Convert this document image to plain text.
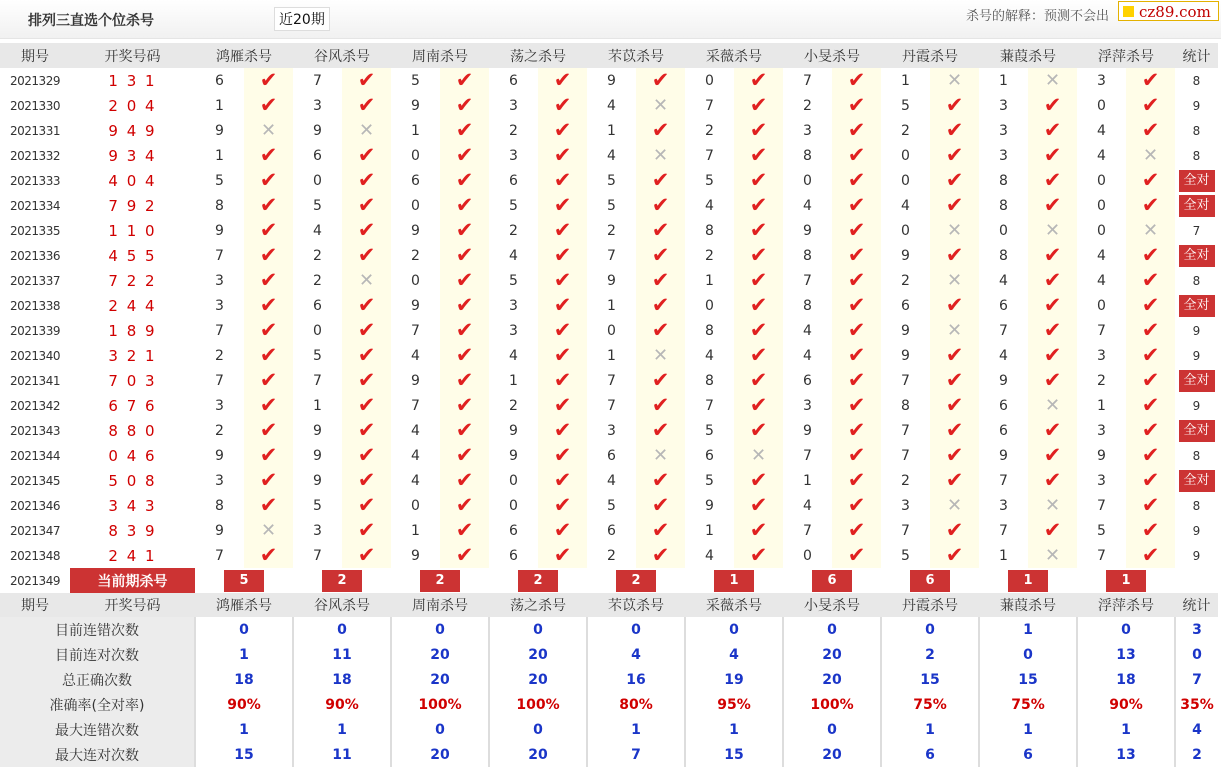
排列三直选个位杀号	近20期	杀号的解释：预测不会出	cz89.com
期号	开奖号码	鸿雁杀号		谷风杀号		周南杀号		荡之杀号		芣苡杀号		采薇杀号		小旻杀号		丹霞杀号		蒹葭杀号		浮萍杀号		统计
2021329	1 3 1	6	✔	7	✔	5	✔	6	✔	9	✔	0	✔	7	✔	1	✕	1	✕	3	✔	8
2021330	2 0 4	1	✔	3	✔	9	✔	3	✔	4	✕	7	✔	2	✔	5	✔	3	✔	0	✔	9
2021331	9 4 9	9	✕	9	✕	1	✔	2	✔	1	✔	2	✔	3	✔	2	✔	3	✔	4	✔	8
2021332	9 3 4	1	✔	6	✔	0	✔	3	✔	4	✕	7	✔	8	✔	0	✔	3	✔	4	✕	8
2021333	4 0 4	5	✔	0	✔	6	✔	6	✔	5	✔	5	✔	0	✔	0	✔	8	✔	0	✔	全对
2021334	7 9 2	8	✔	5	✔	0	✔	5	✔	5	✔	4	✔	4	✔	4	✔	8	✔	0	✔	全对
2021335	1 1 0	9	✔	4	✔	9	✔	2	✔	2	✔	8	✔	9	✔	0	✕	0	✕	0	✕	7
2021336	4 5 5	7	✔	2	✔	2	✔	4	✔	7	✔	2	✔	8	✔	9	✔	8	✔	4	✔	全对
2021337	7 2 2	3	✔	2	✕	0	✔	5	✔	9	✔	1	✔	7	✔	2	✕	4	✔	4	✔	8
2021338	2 4 4	3	✔	6	✔	9	✔	3	✔	1	✔	0	✔	8	✔	6	✔	6	✔	0	✔	全对
2021339	1 8 9	7	✔	0	✔	7	✔	3	✔	0	✔	8	✔	4	✔	9	✕	7	✔	7	✔	9
2021340	3 2 1	2	✔	5	✔	4	✔	4	✔	1	✕	4	✔	4	✔	9	✔	4	✔	3	✔	9
2021341	7 0 3	7	✔	7	✔	9	✔	1	✔	7	✔	8	✔	6	✔	7	✔	9	✔	2	✔	全对
2021342	6 7 6	3	✔	1	✔	7	✔	2	✔	7	✔	7	✔	3	✔	8	✔	6	✕	1	✔	9
2021343	8 8 0	2	✔	9	✔	4	✔	9	✔	3	✔	5	✔	9	✔	7	✔	6	✔	3	✔	全对
2021344	0 4 6	9	✔	9	✔	4	✔	9	✔	6	✕	6	✕	7	✔	7	✔	9	✔	9	✔	8
2021345	5 0 8	3	✔	9	✔	4	✔	0	✔	4	✔	5	✔	1	✔	2	✔	7	✔	3	✔	全对
2021346	3 4 3	8	✔	5	✔	0	✔	0	✔	5	✔	9	✔	4	✔	3	✕	3	✕	7	✔	8
2021347	8 3 9	9	✕	3	✔	1	✔	6	✔	6	✔	1	✔	7	✔	7	✔	7	✔	5	✔	9
2021348	2 4 1	7	✔	7	✔	9	✔	6	✔	2	✔	4	✔	0	✔	5	✔	1	✕	7	✔	9
2021349	当前期杀号	5		2		2		2		2		1		6		6		1		1		
期号	开奖号码	鸿雁杀号		谷风杀号		周南杀号		荡之杀号		芣苡杀号		采薇杀号		小旻杀号		丹霞杀号		蒹葭杀号		浮萍杀号		统计
目前连错次数		0		0		0		0		0		0		0		0		1		0		3
目前连对次数		1		11		20		20		4		4		20		2		0		13		0
总正确次数		18		18		20		20		16		19		20		15		15		18		7
准确率(全对率)		90%		90%		100%		100%		80%		95%		100%		75%		75%		90%		35%
最大连错次数		1		1		0		0		1		1		0		1		1		1		4
最大连对次数		15		11		20		20		7		15		20		6		6		13		2
